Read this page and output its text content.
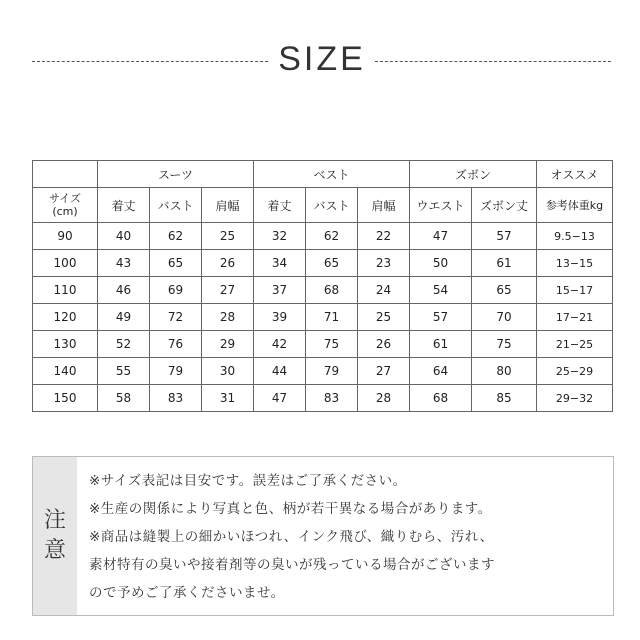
SIZE
	スーツ			ベスト			ズボン		オススメ

サイズ
(cm)	着丈	バスト	肩幅	着丈	バスト	肩幅	ウエスト	ズボン丈	参考体重kg
90	40	62	25	32	62	22	47	57	9.5−13
100	43	65	26	34	65	23	50	61	13−15
110	46	69	27	37	68	24	54	65	15−17
120	49	72	28	39	71	25	57	70	17−21
130	52	76	29	42	75	26	61	75	21−25
140	55	79	30	44	79	27	64	80	25−29
150	58	83	31	47	83	28	68	85	29−32
注
意
※サイズ表記は目安です。誤差はご了承ください。
※生産の関係により写真と色、柄が若干異なる場合があります。
※商品は縫製上の細かいほつれ、インク飛び、織りむら、汚れ、
素材特有の臭いや接着剤等の臭いが残っている場合がございます
ので予めご了承くださいませ。
